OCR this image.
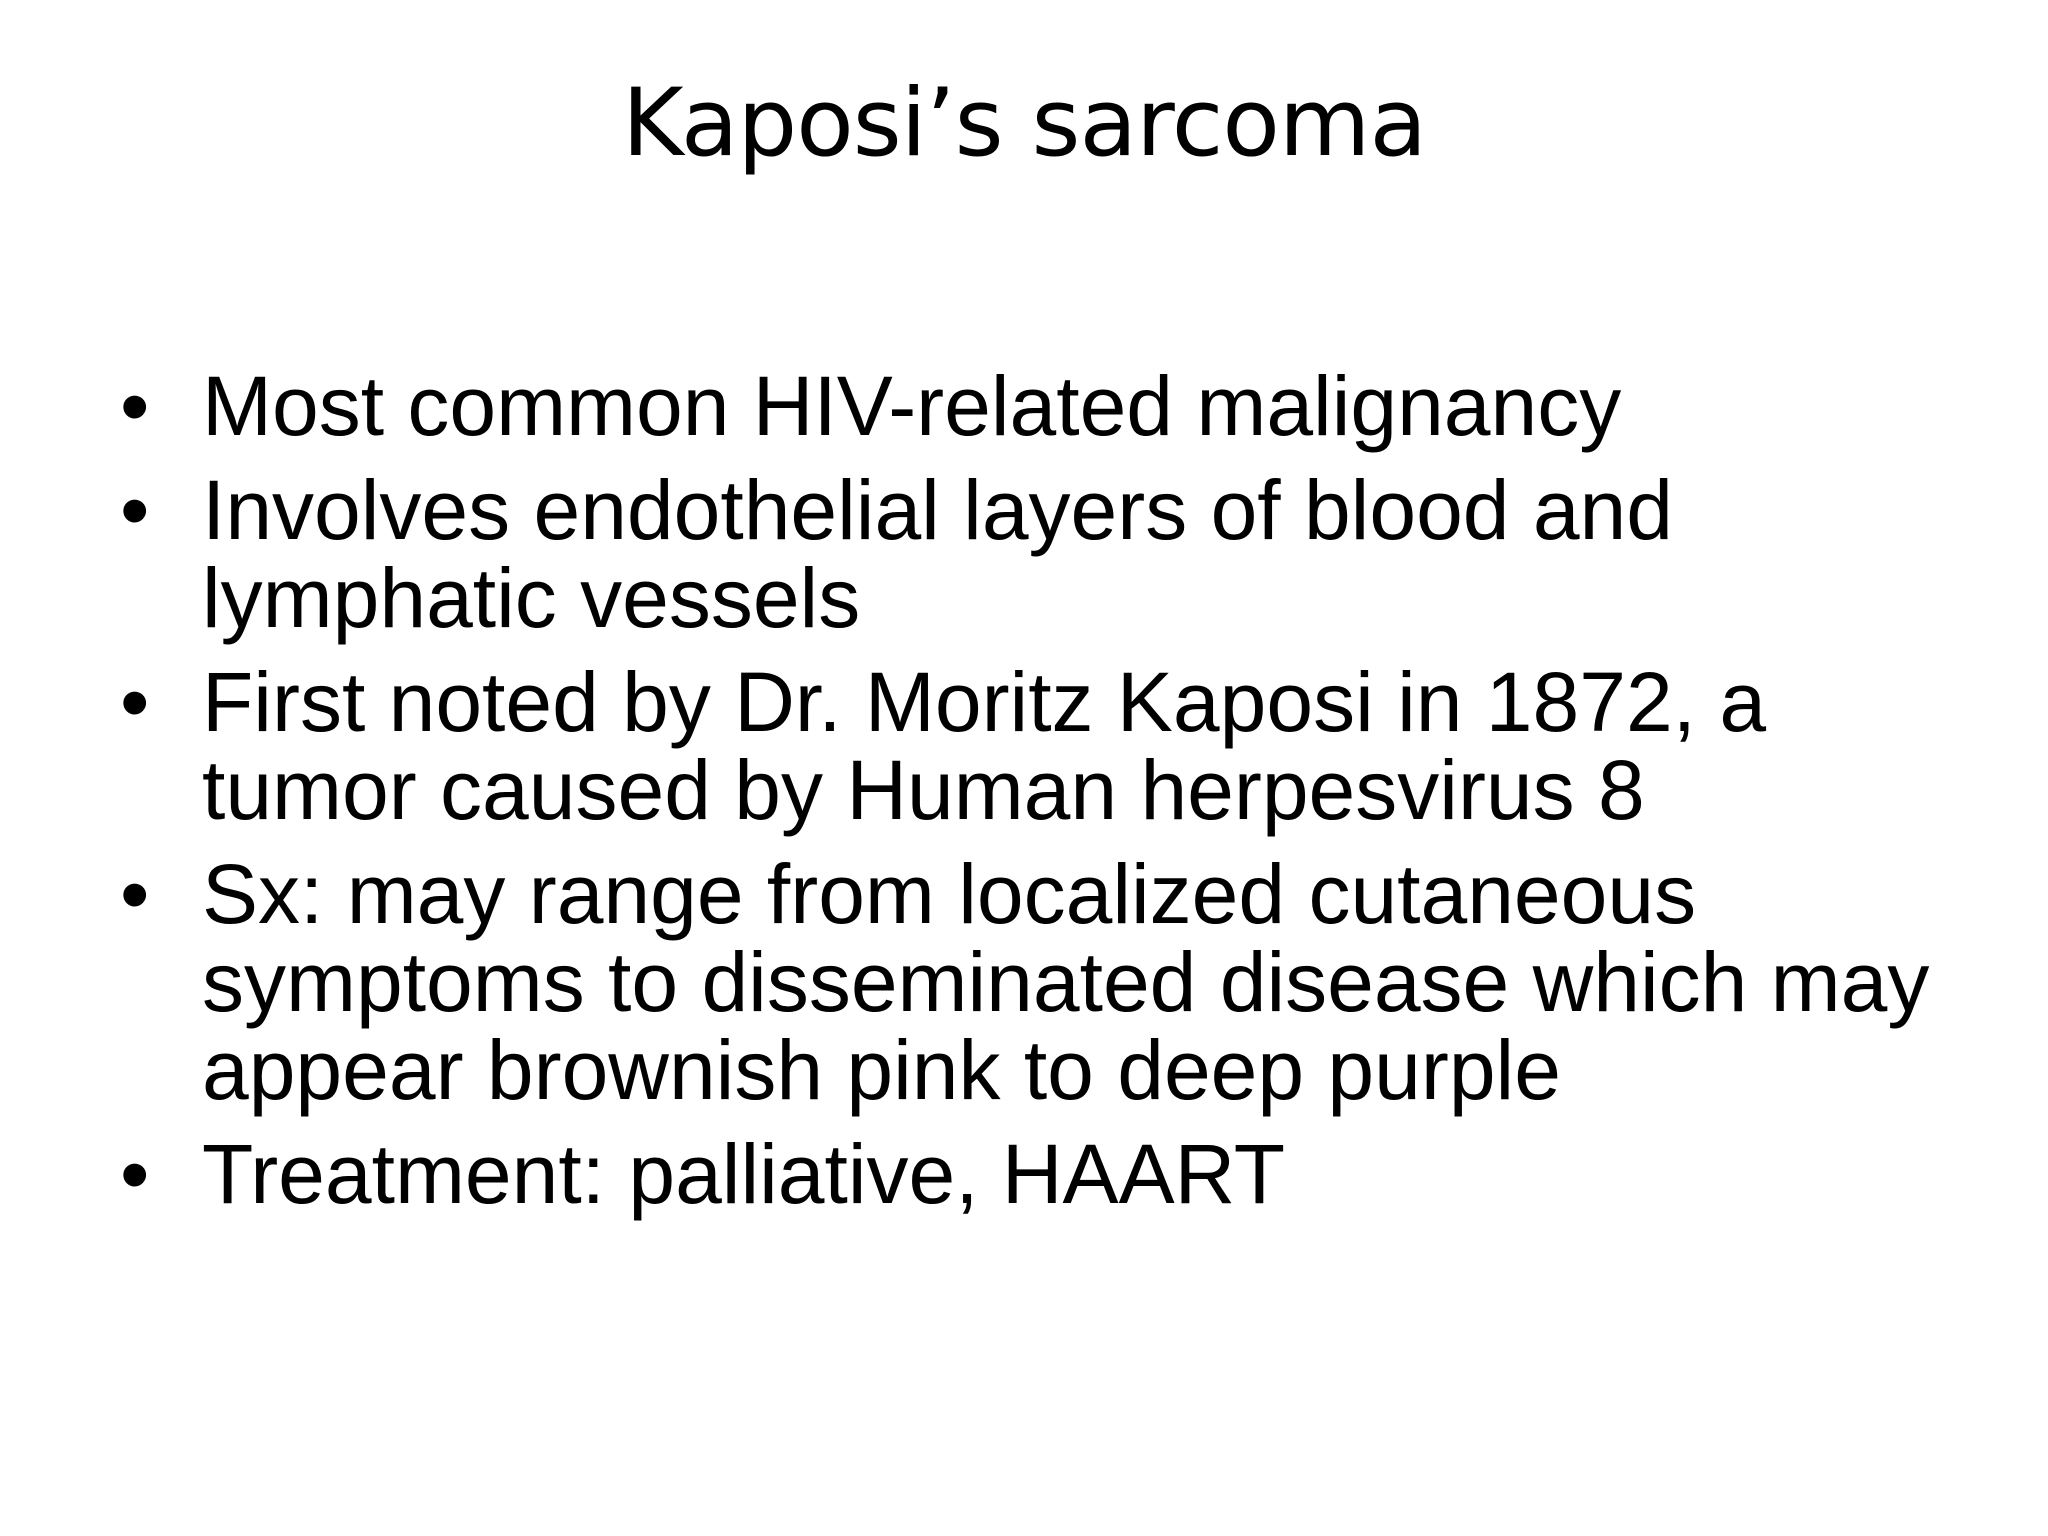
Kaposi’s sarcoma
• Most common HIV-related malignancy
• Involves endothelial layers of blood and lymphatic vessels
• First noted by Dr. Moritz Kaposi in 1872, a tumor caused by Human herpesvirus 8
• Sx: may range from localized cutaneous symptoms to disseminated disease which may appear brownish pink to deep purple
• Treatment: palliative, HAART
